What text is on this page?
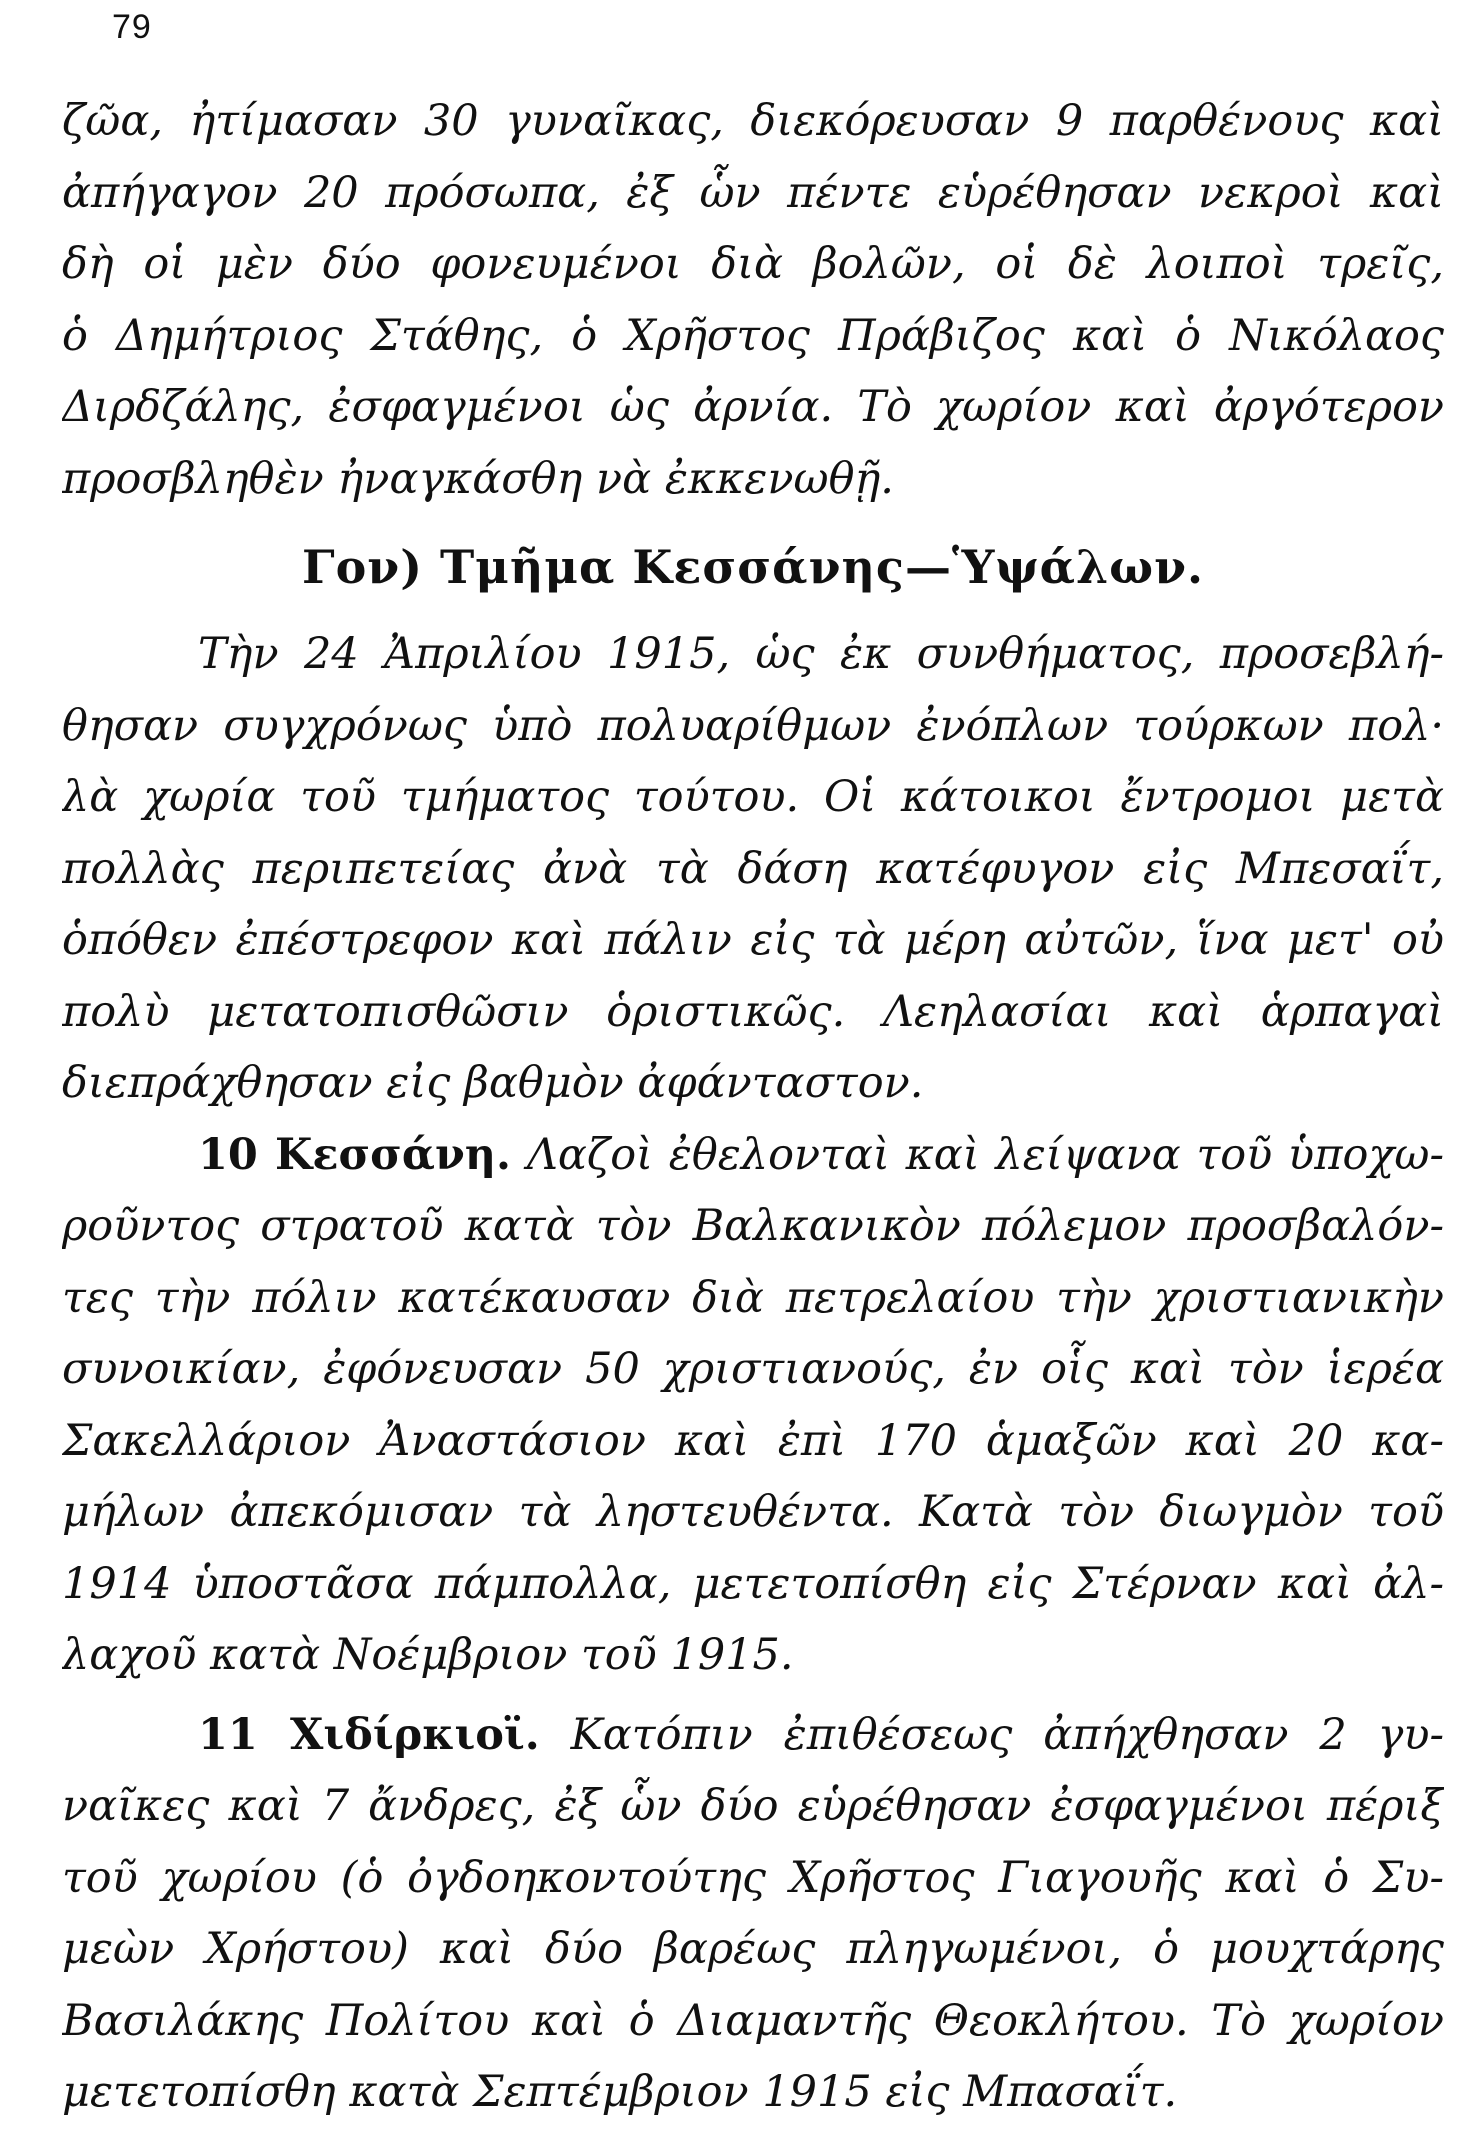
79
ζῶα, ἠτίμασαν 30 γυναῖκας, διεκόρευσαν 9 παρθένους καὶ
ἀπήγαγον 20 πρόσωπα, ἐξ ὧν πέντε εὑρέθησαν νεκροὶ καὶ
δὴ οἱ μὲν δύο φονευμένοι διὰ βολῶν, οἱ δὲ λοιποὶ τρεῖς,
ὁ Δημήτριος Στάθης, ὁ Χρῆστος Πράβιζος καὶ ὁ Νικόλαος
Διρδζάλης, ἐσφαγμένοι ὡς ἀρνία. Τὸ χωρίον καὶ ἀργότερον
προσβληθὲν ἠναγκάσθη νὰ ἐκκενωθῇ.
Γον) Τμῆμα Κεσσάνης—Ὑψάλων.
Τὴν 24 Ἀπριλίου 1915, ὡς ἐκ συνθήματος, προσεβλή-
θησαν συγχρόνως ὑπὸ πολυαρίθμων ἐνόπλων τούρκων πολ·
λὰ χωρία τοῦ τμήματος τούτου. Οἱ κάτοικοι ἔντρομοι μετὰ
πολλὰς περιπετείας ἀνὰ τὰ δάση κατέφυγον εἰς Μπεσαΐτ,
ὁπόθεν ἐπέστρεφον καὶ πάλιν εἰς τὰ μέρη αὐτῶν, ἵνα μετ' οὐ
πολὺ μετατοπισθῶσιν ὁριστικῶς. Λεηλασίαι καὶ ἁρπαγαὶ
διεπράχθησαν εἰς βαθμὸν ἀφάνταστον.
10 Κεσσάνη. Λαζοὶ ἐθελονταὶ καὶ λείψανα τοῦ ὑποχω-
ροῦντος στρατοῦ κατὰ τὸν Βαλκανικὸν πόλεμον προσβαλόν-
τες τὴν πόλιν κατέκαυσαν διὰ πετρελαίου τὴν χριστιανικὴν
συνοικίαν, ἐφόνευσαν 50 χριστιανούς, ἐν οἷς καὶ τὸν ἱερέα
Σακελλάριον Ἀναστάσιον καὶ ἐπὶ 170 ἁμαξῶν καὶ 20 κα-
μήλων ἀπεκόμισαν τὰ ληστευθέντα. Κατὰ τὸν διωγμὸν τοῦ
1914 ὑποστᾶσα πάμπολλα, μετετοπίσθη εἰς Στέρναν καὶ ἀλ-
λαχοῦ κατὰ Νοέμβριον τοῦ 1915.
11 Χιδίρκιοϊ. Κατόπιν ἐπιθέσεως ἀπήχθησαν 2 γυ-
ναῖκες καὶ 7 ἄνδρες, ἐξ ὧν δύο εὑρέθησαν ἐσφαγμένοι πέριξ
τοῦ χωρίου (ὁ ὀγδοηκοντούτης Χρῆστος Γιαγουῆς καὶ ὁ Συ-
μεὼν Χρήστου) καὶ δύο βαρέως πληγωμένοι, ὁ μουχτάρης
Βασιλάκης Πολίτου καὶ ὁ Διαμαντῆς Θεοκλήτου. Τὸ χωρίον
μετετοπίσθη κατὰ Σεπτέμβριον 1915 εἰς Μπασαΐτ.
